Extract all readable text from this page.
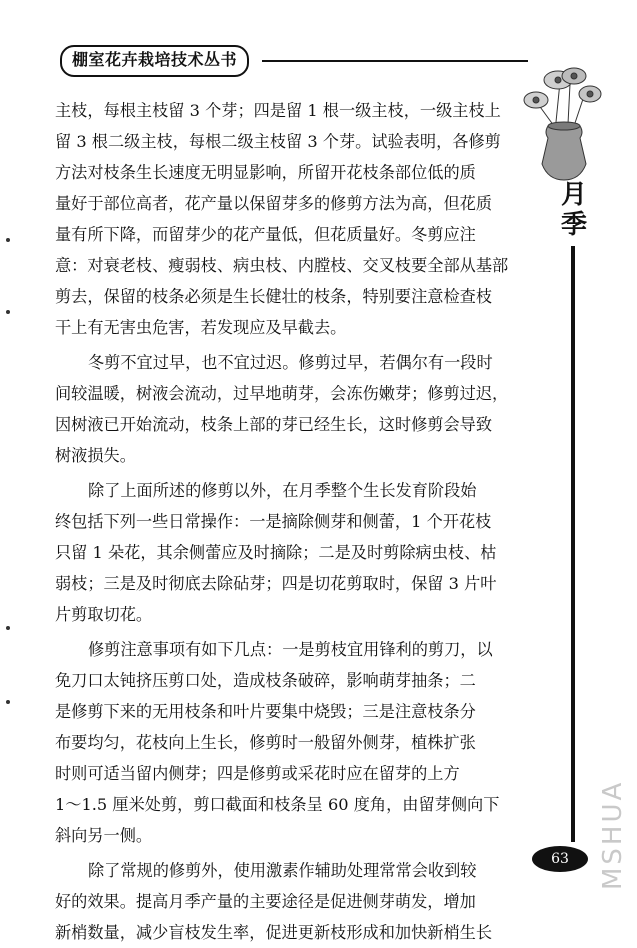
棚室花卉栽培技术丛书
月季
主枝，每根主枝留 3 个芽；四是留 1 根一级主枝，一级主枝上
留 3 根二级主枝，每根二级主枝留 3 个芽。试验表明，各修剪
方法对枝条生长速度无明显影响，所留开花枝条部位低的质
量好于部位高者，花产量以保留芽多的修剪方法为高，但花质
量有所下降，而留芽少的花产量低，但花质量好。冬剪应注
意：对衰老枝、瘦弱枝、病虫枝、内膛枝、交叉枝要全部从基部
剪去，保留的枝条必须是生长健壮的枝条，特别要注意检查枝
干上有无害虫危害，若发现应及早截去。
冬剪不宜过早，也不宜过迟。修剪过早，若偶尔有一段时
间较温暖，树液会流动，过早地萌芽，会冻伤嫩芽；修剪过迟，
因树液已开始流动，枝条上部的芽已经生长，这时修剪会导致
树液损失。
除了上面所述的修剪以外，在月季整个生长发育阶段始
终包括下列一些日常操作：一是摘除侧芽和侧蕾，1 个开花枝
只留 1 朵花，其余侧蕾应及时摘除；二是及时剪除病虫枝、枯
弱枝；三是及时彻底去除砧芽；四是切花剪取时，保留 3 片叶
片剪取切花。
修剪注意事项有如下几点：一是剪枝宜用锋利的剪刀，以
免刀口太钝挤压剪口处，造成枝条破碎，影响萌芽抽条；二
是修剪下来的无用枝条和叶片要集中烧毁；三是注意枝条分
布要均匀，花枝向上生长，修剪时一般留外侧芽，植株扩张
时则可适当留内侧芽；四是修剪或采花时应在留芽的上方
1～1.5 厘米处剪，剪口截面和枝条呈 60 度角，由留芽侧向下
斜向另一侧。
除了常规的修剪外，使用激素作辅助处理常常会收到较
好的效果。提高月季产量的主要途径是促进侧芽萌发，增加
新梢数量，减少盲枝发生率，促进更新枝形成和加快新梢生长
63	MSHUA
